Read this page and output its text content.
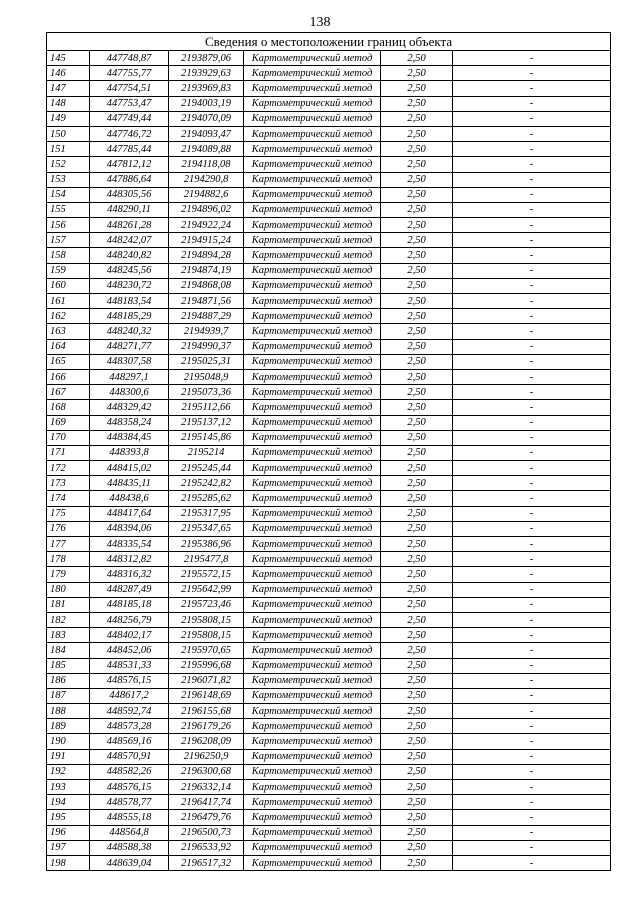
138
Сведения о местоположении границ объекта					
145	447748,87	2193879,06	Картометрический метод	2,50	-
146	447755,77	2193929,63	Картометрический метод	2,50	-
147	447754,51	2193969,83	Картометрический метод	2,50	-
148	447753,47	2194003,19	Картометрический метод	2,50	-
149	447749,44	2194070,09	Картометрический метод	2,50	-
150	447746,72	2194093,47	Картометрический метод	2,50	-
151	447785,44	2194089,88	Картометрический метод	2,50	-
152	447812,12	2194118,08	Картометрический метод	2,50	-
153	447886,64	2194290,8	Картометрический метод	2,50	-
154	448305,56	2194882,6	Картометрический метод	2,50	-
155	448290,11	2194896,02	Картометрический метод	2,50	-
156	448261,28	2194922,24	Картометрический метод	2,50	-
157	448242,07	2194915,24	Картометрический метод	2,50	-
158	448240,82	2194894,28	Картометрический метод	2,50	-
159	448245,56	2194874,19	Картометрический метод	2,50	-
160	448230,72	2194868,08	Картометрический метод	2,50	-
161	448183,54	2194871,56	Картометрический метод	2,50	-
162	448185,29	2194887,29	Картометрический метод	2,50	-
163	448240,32	2194939,7	Картометрический метод	2,50	-
164	448271,77	2194990,37	Картометрический метод	2,50	-
165	448307,58	2195025,31	Картометрический метод	2,50	-
166	448297,1	2195048,9	Картометрический метод	2,50	-
167	448300,6	2195073,36	Картометрический метод	2,50	-
168	448329,42	2195112,66	Картометрический метод	2,50	-
169	448358,24	2195137,12	Картометрический метод	2,50	-
170	448384,45	2195145,86	Картометрический метод	2,50	-
171	448393,8	2195214	Картометрический метод	2,50	-
172	448415,02	2195245,44	Картометрический метод	2,50	-
173	448435,11	2195242,82	Картометрический метод	2,50	-
174	448438,6	2195285,62	Картометрический метод	2,50	-
175	448417,64	2195317,95	Картометрический метод	2,50	-
176	448394,06	2195347,65	Картометрический метод	2,50	-
177	448335,54	2195386,96	Картометрический метод	2,50	-
178	448312,82	2195477,8	Картометрический метод	2,50	-
179	448316,32	2195572,15	Картометрический метод	2,50	-
180	448287,49	2195642,99	Картометрический метод	2,50	-
181	448185,18	2195723,46	Картометрический метод	2,50	-
182	448256,79	2195808,15	Картометрический метод	2,50	-
183	448402,17	2195808,15	Картометрический метод	2,50	-
184	448452,06	2195970,65	Картометрический метод	2,50	-
185	448531,33	2195996,68	Картометрический метод	2,50	-
186	448576,15	2196071,82	Картометрический метод	2,50	-
187	448617,2	2196148,69	Картометрический метод	2,50	-
188	448592,74	2196155,68	Картометрический метод	2,50	-
189	448573,28	2196179,26	Картометрический метод	2,50	-
190	448569,16	2196208,09	Картометрический метод	2,50	-
191	448570,91	2196250,9	Картометрический метод	2,50	-
192	448582,26	2196300,68	Картометрический метод	2,50	-
193	448576,15	2196332,14	Картометрический метод	2,50	-
194	448578,77	2196417,74	Картометрический метод	2,50	-
195	448555,18	2196479,76	Картометрический метод	2,50	-
196	448564,8	2196500,73	Картометрический метод	2,50	-
197	448588,38	2196533,92	Картометрический метод	2,50	-
198	448639,04	2196517,32	Картометрический метод	2,50	-
